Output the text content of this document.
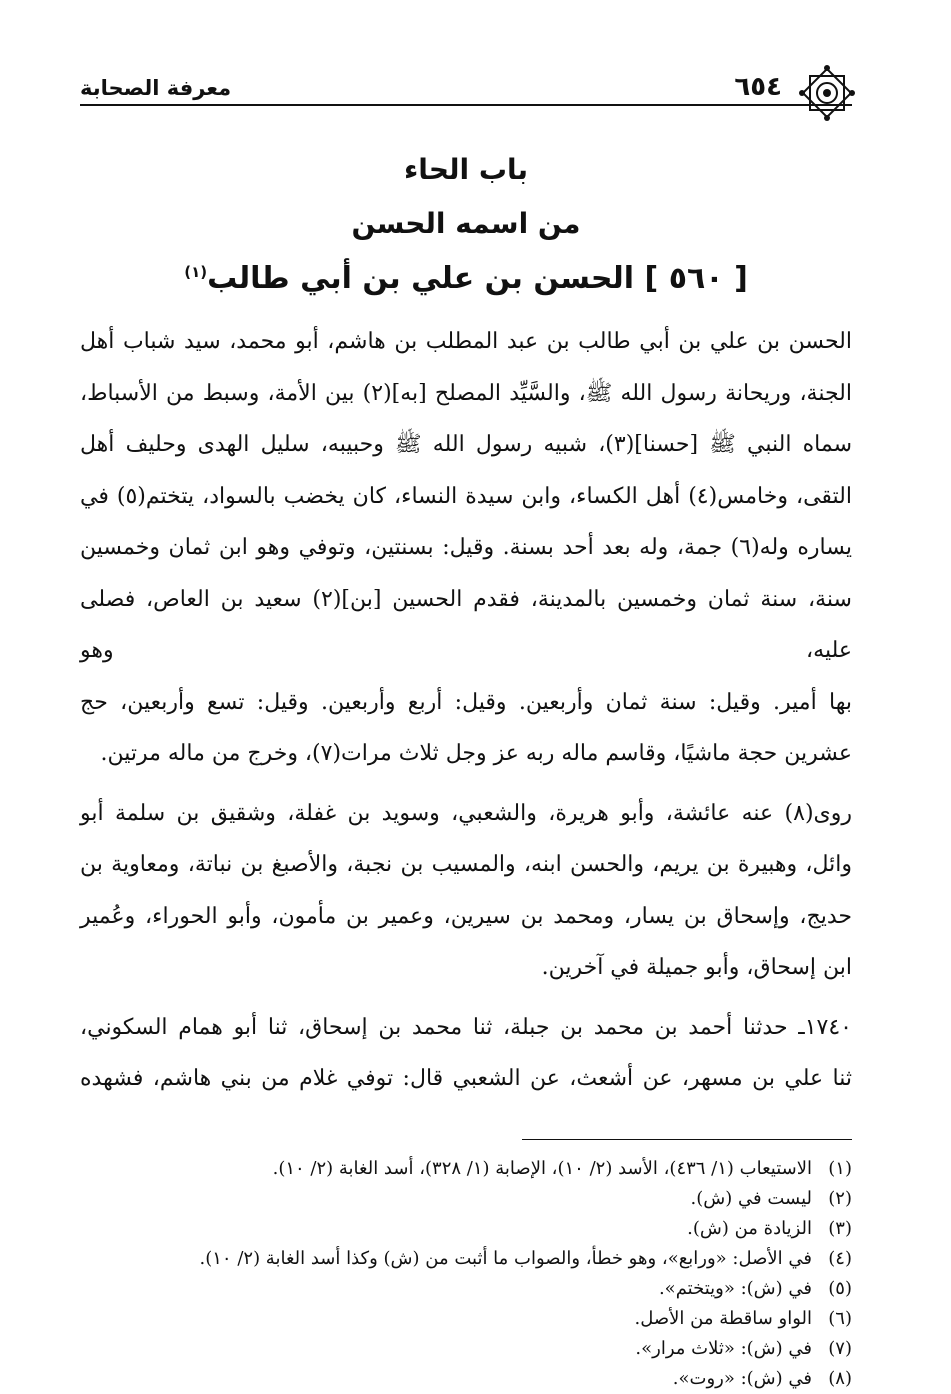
٦٥٤
معرفة الصحابة
باب الحاء
من اسمه الحسن
[ ٥٦٠ ] الحسن بن علي بن أبي طالب$^{(١)}$
الحسن بن علي بن أبي طالب بن عبد المطلب بن هاشم، أبو محمد، سيد شباب أهل
الجنة، وريحانة رسول الله ﷺ، والسَّيِّد المصلح [به](٢) بين الأمة، وسبط من الأسباط،
سماه النبي ﷺ [حسنا](٣)، شبيه رسول الله ﷺ وحبيبه، سليل الهدى وحليف أهل
التقى، وخامس(٤) أهل الكساء، وابن سيدة النساء، كان يخضب بالسواد، يتختم(٥) في
يساره وله(٦) جمة، وله بعد أحد بسنة. وقيل: بسنتين، وتوفي وهو ابن ثمان وخمسين
سنة، سنة ثمان وخمسين بالمدينة، فقدم الحسين [بن](٢) سعيد بن العاص، فصلى عليه، وهو
بها أمير. وقيل: سنة ثمان وأربعين. وقيل: أربع وأربعين. وقيل: تسع وأربعين، حج
عشرين حجة ماشيًا، وقاسم ماله ربه عز وجل ثلاث مرات(٧)، وخرج من ماله مرتين.
روى(٨) عنه عائشة، وأبو هريرة، والشعبي، وسويد بن غفلة، وشقيق بن سلمة أبو
وائل، وهبيرة بن يريم، والحسن ابنه، والمسيب بن نجبة، والأصبغ بن نباتة، ومعاوية بن
حديج، وإسحاق بن يسار، ومحمد بن سيرين، وعمير بن مأمون، وأبو الحوراء، وعُمير
ابن إسحاق، وأبو جميلة في آخرين.
١٧٤٠ـ حدثنا أحمد بن محمد بن جبلة، ثنا محمد بن إسحاق، ثنا أبو همام السكوني،
ثنا علي بن مسهر، عن أشعث، عن الشعبي قال: توفي غلام من بني هاشم، فشهده
(١)الاستيعاب (١/ ٤٣٦)، الأسد (٢/ ١٠)، الإصابة (١/ ٣٢٨)، أسد الغابة (٢/ ١٠).
(٢)ليست في (ش).
(٣)الزيادة من (ش).
(٤)في الأصل: «ورابع»، وهو خطأ، والصواب ما أثبت من (ش) وكذا أسد الغابة (٢/ ١٠).
(٥)في (ش): «ويتختم».
(٦)الواو ساقطة من الأصل.
(٧)في (ش): «ثلاث مرار».
(٨)في (ش): «روت».
